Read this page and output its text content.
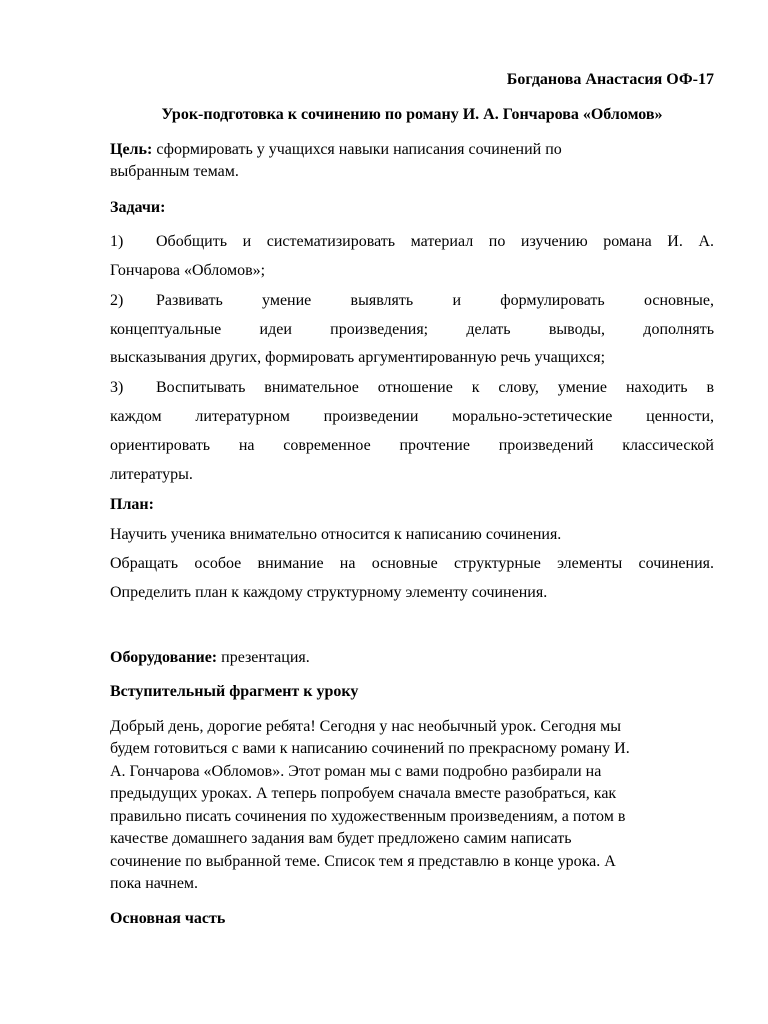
Богданова Анастасия ОФ-17
Урок-подготовка к сочинению по роману И. А. Гончарова «Обломов»
Цель: сформировать у учащихся навыки написания сочинений по
выбранным темам.
Задачи:
1) Обобщить и систематизировать материал по изучению романа И. А.
Гончарова «Обломов»;
2) Развивать умение выявлять и формулировать основные,
концептуальные идеи произведения; делать выводы, дополнять
высказывания других, формировать аргументированную речь учащихся;
3) Воспитывать внимательное отношение к слову, умение находить в
каждом литературном произведении морально-эстетические ценности,
ориентировать на современное прочтение произведений классической
литературы.
План:
Научить ученика внимательно относится к написанию сочинения.
Обращать особое внимание на основные структурные элементы сочинения.
Определить план к каждому структурному элементу сочинения.
Оборудование: презентация.
Вступительный фрагмент к уроку
Добрый день, дорогие ребята! Сегодня у нас необычный урок. Сегодня мы
будем готовиться с вами к написанию сочинений по прекрасному роману И.
А. Гончарова «Обломов». Этот роман мы с вами подробно разбирали на
предыдущих уроках. А теперь попробуем сначала вместе разобраться, как
правильно писать сочинения по художественным произведениям, а потом в
качестве домашнего задания вам будет предложено самим написать
сочинение по выбранной теме. Список тем я представлю в конце урока. А
пока начнем.
Основная часть
